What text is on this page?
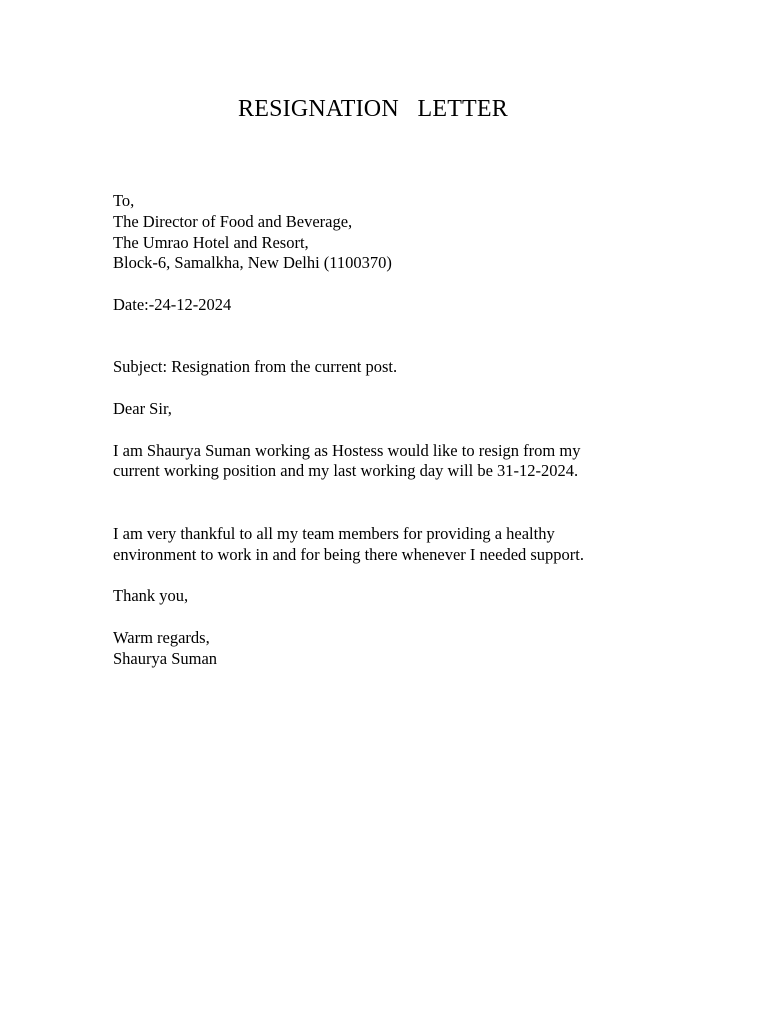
RESIGNATION   LETTER
To,
The Director of Food and Beverage,
The Umrao Hotel and Resort,
Block-6, Samalkha, New Delhi (1100370)
Date:-24-12-2024
Subject: Resignation from the current post.
Dear Sir,
I am Shaurya Suman working as Hostess would like to resign from my
current working position and my last working day will be 31-12-2024.
I am very thankful to all my team members for providing a healthy
environment to work in and for being there whenever I needed support.
Thank you,
Warm regards,
Shaurya Suman
